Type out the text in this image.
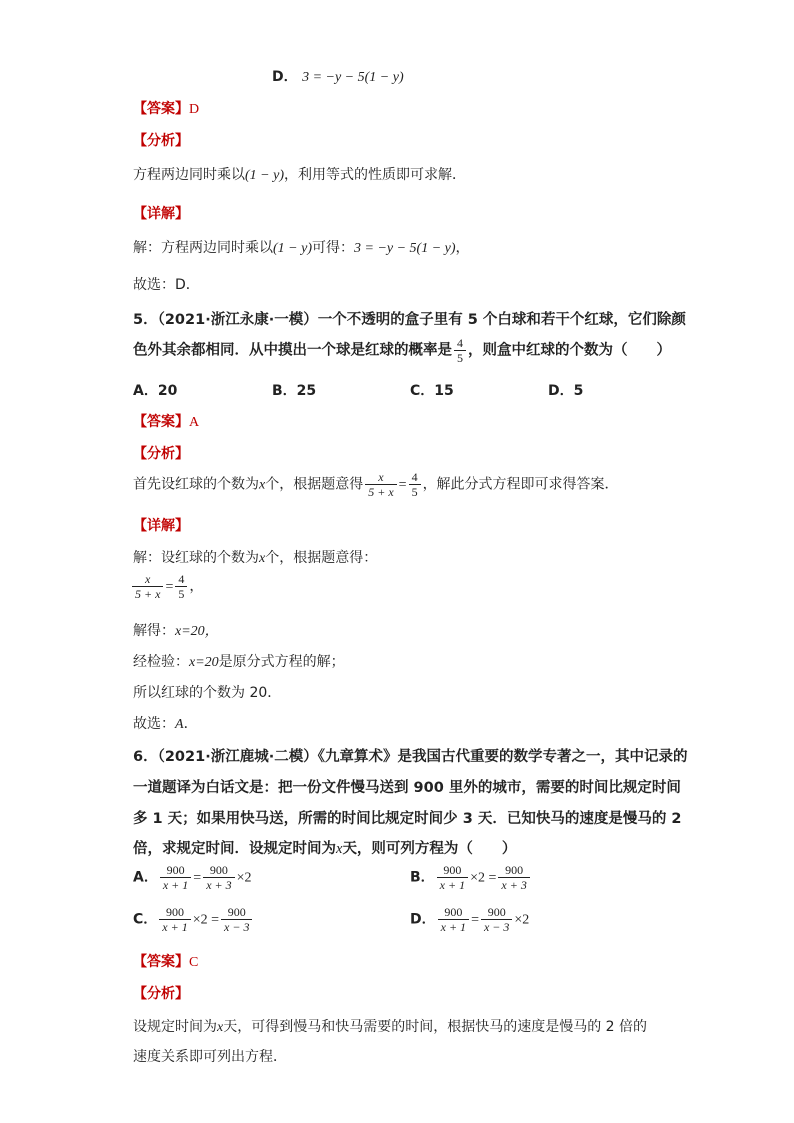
D． 3 = −y − 5(1 − y)
【答案】D
【分析】
方程两边同时乘以(1 − y)，利用等式的性质即可求解．
【详解】
解：方程两边同时乘以(1 − y)可得：3 = −y − 5(1 − y)，
故选：D．
5．（2021·浙江永康·一模）一个不透明的盒子里有 5 个白球和若干个红球，它们除颜
色外其余都相同．从中摸出一个球是红球的概率是 $\frac{4}{5}$ ，则盒中红球的个数为（　　）
A．20	B．25	C．15	D．5
【答案】A
【分析】
首先设红球的个数为x个，根据题意得 $\frac{x}{5 + x} = \frac{4}{5}$ ，解此分式方程即可求得答案．
【详解】
解：设红球的个数为x个，根据题意得：
$\frac{x}{5 + x} = \frac{4}{5}$ ，
解得：x=20，
经检验：x=20是原分式方程的解；
所以红球的个数为 20．
故选：A．
6．（2021·浙江鹿城·二模）《九章算术》是我国古代重要的数学专著之一，其中记录的
一道题译为白话文是：把一份文件慢马送到 900 里外的城市，需要的时间比规定时间
多 1 天；如果用快马送，所需的时间比规定时间少 3 天．已知快马的速度是慢马的 2
倍，求规定时间．设规定时间为x天，则可列方程为（　　）
A． $\frac{900}{x + 1} = \frac{900}{x + 3} \times 2$	B． $\frac{900}{x + 1} \times 2 = \frac{900}{x + 3}$
C． $\frac{900}{x + 1} \times 2 = \frac{900}{x - 3}$	D． $\frac{900}{x + 1} = \frac{900}{x - 3} \times 2$
【答案】C
【分析】
设规定时间为x天，可得到慢马和快马需要的时间，根据快马的速度是慢马的 2 倍的
速度关系即可列出方程．
